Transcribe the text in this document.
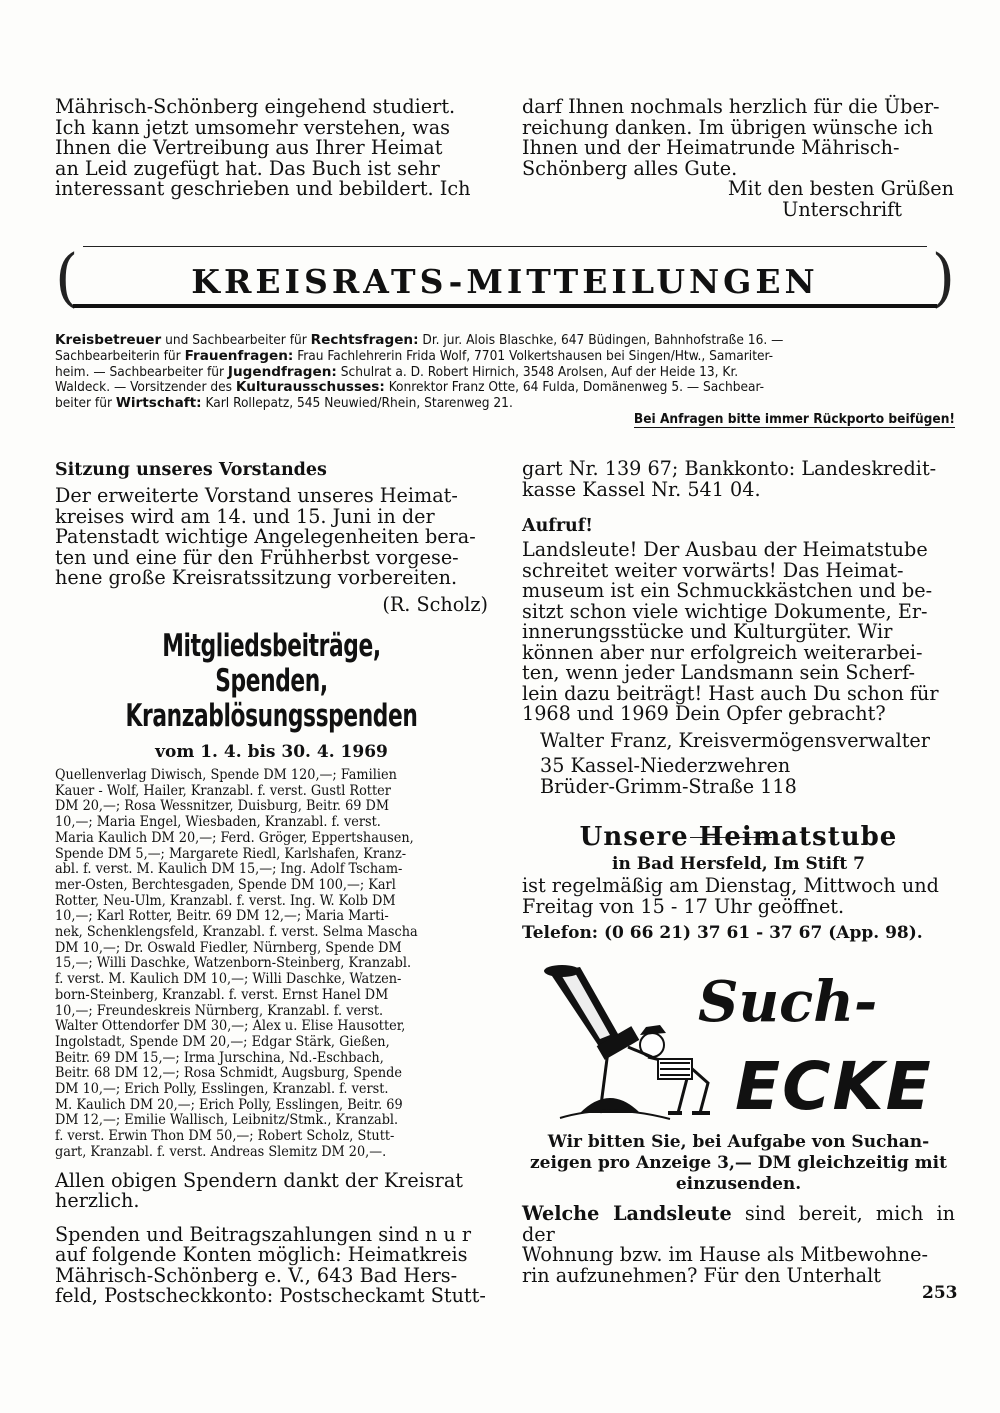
Mährisch-Schönberg eingehend studiert.

Ich kann jetzt umsomehr verstehen, was

Ihnen die Vertreibung aus Ihrer Heimat

an Leid zugefügt hat. Das Buch ist sehr

interessant geschrieben und bebildert. Ich

darf Ihnen nochmals herzlich für die Über-

reichung danken. Im übrigen wünsche ich

Ihnen und der Heimatrunde Mährisch-

Schönberg alles Gute.

Mit den besten Grüßen

Unterschrift

(	KREISRATS-MITTEILUNGEN	)
Kreisbetreuer und Sachbearbeiter für Rechtsfragen: Dr. jur. Alois Blaschke, 647 Büdingen, Bahnhofstraße 16. —
Sachbearbeiterin für Frauenfragen: Frau Fachlehrerin Frida Wolf, 7701 Volkertshausen bei Singen/Htw., Samariter-
heim. — Sachbearbeiter für Jugendfragen: Schulrat a. D. Robert Hirnich, 3548 Arolsen, Auf der Heide 13, Kr.
Waldeck. — Vorsitzender des Kulturausschusses: Konrektor Franz Otte, 64 Fulda, Domänenweg 5. — Sachbear-
beiter für Wirtschaft: Karl Rollepatz, 545 Neuwied/Rhein, Starenweg 21.
Bei Anfragen bitte immer Rückporto beifügen!
Sitzung unseres Vorstandes

Der erweiterte Vorstand unseres Heimat-

kreises wird am 14. und 15. Juni in der

Patenstadt wichtige Angelegenheiten bera-

ten und eine für den Frühherbst vorgese-

hene große Kreisratssitzung vorbereiten.

(R. Scholz)

Mitgliedsbeiträge, Spenden,

Kranzablösungsspenden

vom 1. 4. bis 30. 4. 1969

Quellenverlag Diwisch, Spende DM 120,—; Familien
Kauer - Wolf, Hailer, Kranzabl. f. verst. Gustl Rotter
DM 20,—; Rosa Wessnitzer, Duisburg, Beitr. 69 DM
10,—; Maria Engel, Wiesbaden, Kranzabl. f. verst.
Maria Kaulich DM 20,—; Ferd. Gröger, Eppertshausen,
Spende DM 5,—; Margarete Riedl, Karlshafen, Kranz-
abl. f. verst. M. Kaulich DM 15,—; Ing. Adolf Tscham-
mer-Osten, Berchtesgaden, Spende DM 100,—; Karl
Rotter, Neu-Ulm, Kranzabl. f. verst. Ing. W. Kolb DM
10,—; Karl Rotter, Beitr. 69 DM 12,—; Maria Marti-
nek, Schenklengsfeld, Kranzabl. f. verst. Selma Mascha
DM 10,—; Dr. Oswald Fiedler, Nürnberg, Spende DM
15,—; Willi Daschke, Watzenborn-Steinberg, Kranzabl.
f. verst. M. Kaulich DM 10,—; Willi Daschke, Watzen-
born-Steinberg, Kranzabl. f. verst. Ernst Hanel DM
10,—; Freundeskreis Nürnberg, Kranzabl. f. verst.
Walter Ottendorfer DM 30,—; Alex u. Elise Hausotter,
Ingolstadt, Spende DM 20,—; Edgar Stärk, Gießen,
Beitr. 69 DM 15,—; Irma Jurschina, Nd.-Eschbach,
Beitr. 68 DM 12,—; Rosa Schmidt, Augsburg, Spende
DM 10,—; Erich Polly, Esslingen, Kranzabl. f. verst.
M. Kaulich DM 20,—; Erich Polly, Esslingen, Beitr. 69
DM 12,—; Emilie Wallisch, Leibnitz/Stmk., Kranzabl.
f. verst. Erwin Thon DM 50,—; Robert Scholz, Stutt-
gart, Kranzabl. f. verst. Andreas Slemitz DM 20,—.

Allen obigen Spendern dankt der Kreisrat

herzlich.

Spenden und Beitragszahlungen sind n u r

auf folgende Konten möglich: Heimatkreis

Mährisch-Schönberg e. V., 643 Bad Hers-

feld, Postscheckkonto: Postscheckamt Stutt-

gart Nr. 139 67; Bankkonto: Landeskredit-

kasse Kassel Nr. 541 04.

Aufruf!

Landsleute! Der Ausbau der Heimatstube

schreitet weiter vorwärts! Das Heimat-

museum ist ein Schmuckkästchen und be-

sitzt schon viele wichtige Dokumente, Er-

innerungsstücke und Kulturgüter. Wir

können aber nur erfolgreich weiterarbei-

ten, wenn jeder Landsmann sein Scherf-

lein dazu beiträgt! Hast auch Du schon für

1968 und 1969 Dein Opfer gebracht?

Walter Franz, Kreisvermögensverwalter

35 Kassel-Niederzwehren

Brüder-Grimm-Straße 118

Unsere Heimatstube
in Bad Hersfeld, Im Stift 7

ist regelmäßig am Dienstag, Mittwoch und

Freitag von 15 - 17 Uhr geöffnet.

Telefon: (0 66 21) 37 61 - 37 67 (App. 98).
Such-
ECKE
Wir bitten Sie, bei Aufgabe von Suchan-
zeigen pro Anzeige 3,— DM gleichzeitig mit
einzusenden.

Welche Landsleute sind bereit, mich in der

Wohnung bzw. im Hause als Mitbewohne-

rin aufzunehmen? Für den Unterhalt

253
